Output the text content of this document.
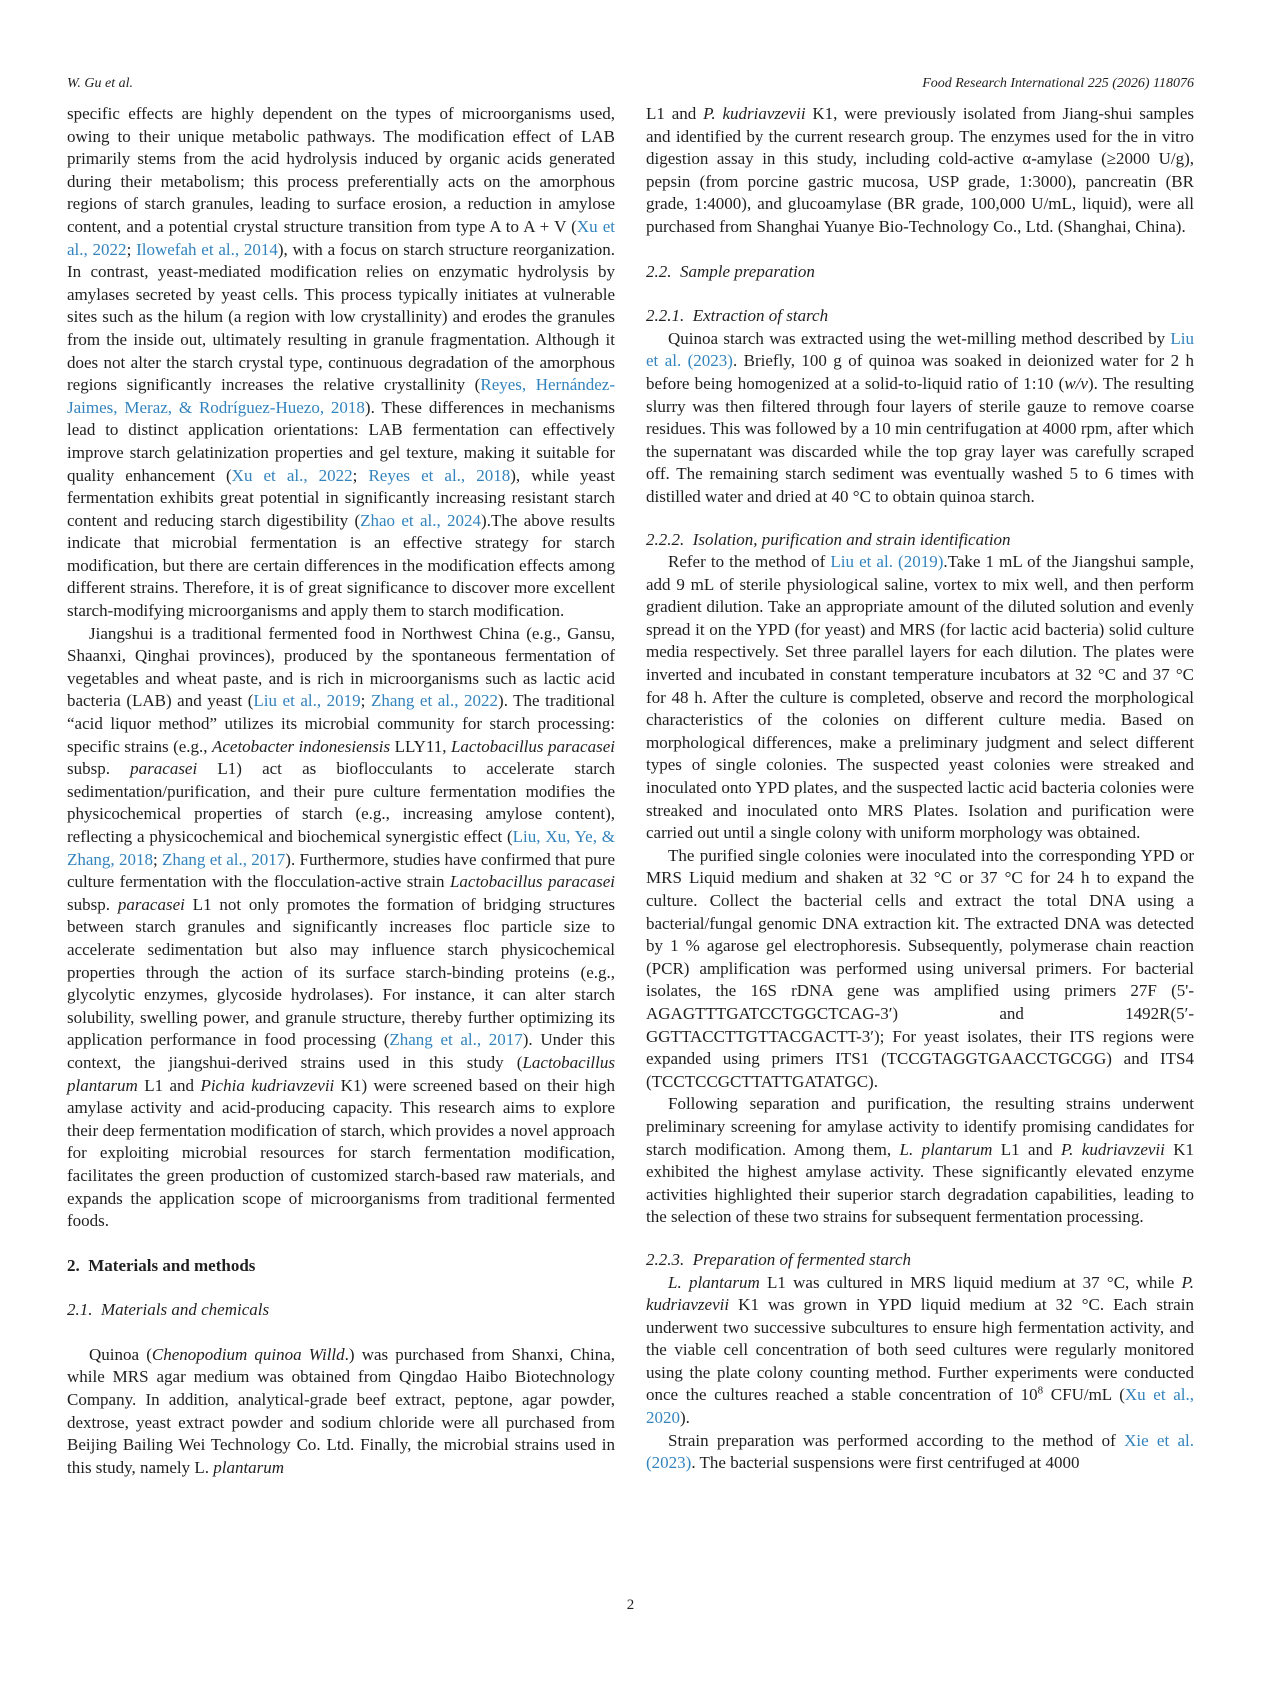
W. Gu et al.	Food Research International 225 (2026) 118076
specific effects are highly dependent on the types of microorganisms used, owing to their unique metabolic pathways. The modification effect of LAB primarily stems from the acid hydrolysis induced by organic acids generated during their metabolism; this process preferentially acts on the amorphous regions of starch granules, leading to surface erosion, a reduction in amylose content, and a potential crystal structure transition from type A to A + V (Xu et al., 2022; Ilowefah et al., 2014), with a focus on starch structure reorganization. In contrast, yeast-mediated modification relies on enzymatic hydrolysis by amylases secreted by yeast cells. This process typically initiates at vulnerable sites such as the hilum (a region with low crystallinity) and erodes the granules from the inside out, ultimately resulting in granule fragmentation. Although it does not alter the starch crystal type, continuous degradation of the amorphous regions significantly increases the relative crystallinity (Reyes, Hernández-Jaimes, Meraz, & Rodríguez-Huezo, 2018). These differences in mechanisms lead to distinct application orientations: LAB fermentation can effectively improve starch gelatinization properties and gel texture, making it suitable for quality enhancement (Xu et al., 2022; Reyes et al., 2018), while yeast fermentation exhibits great potential in significantly increasing resistant starch content and reducing starch digestibility (Zhao et al., 2024).The above results indicate that microbial fermentation is an effective strategy for starch modification, but there are certain differences in the modification effects among different strains. Therefore, it is of great significance to discover more excellent starch-modifying microorganisms and apply them to starch modification.
Jiangshui is a traditional fermented food in Northwest China (e.g., Gansu, Shaanxi, Qinghai provinces), produced by the spontaneous fermentation of vegetables and wheat paste, and is rich in microorganisms such as lactic acid bacteria (LAB) and yeast (Liu et al., 2019; Zhang et al., 2022). The traditional “acid liquor method” utilizes its microbial community for starch processing: specific strains (e.g., Acetobacter indonesiensis LLY11, Lactobacillus paracasei subsp. paracasei L1) act as bioflocculants to accelerate starch sedimentation/purification, and their pure culture fermentation modifies the physicochemical properties of starch (e.g., increasing amylose content), reflecting a physicochemical and biochemical synergistic effect (Liu, Xu, Ye, & Zhang, 2018; Zhang et al., 2017). Furthermore, studies have confirmed that pure culture fermentation with the flocculation-active strain Lactobacillus paracasei subsp. paracasei L1 not only promotes the formation of bridging structures between starch granules and significantly increases floc particle size to accelerate sedimentation but also may influence starch physicochemical properties through the action of its surface starch-binding proteins (e.g., glycolytic enzymes, glycoside hydrolases). For instance, it can alter starch solubility, swelling power, and granule structure, thereby further optimizing its application performance in food processing (Zhang et al., 2017). Under this context, the jiangshui-derived strains used in this study (Lactobacillus plantarum L1 and Pichia kudriavzevii K1) were screened based on their high amylase activity and acid-producing capacity. This research aims to explore their deep fermentation modification of starch, which provides a novel approach for exploiting microbial resources for starch fermentation modification, facilitates the green production of customized starch-based raw materials, and expands the application scope of microorganisms from traditional fermented foods.
2. Materials and methods
2.1. Materials and chemicals
Quinoa (Chenopodium quinoa Willd.) was purchased from Shanxi, China, while MRS agar medium was obtained from Qingdao Haibo Biotechnology Company. In addition, analytical-grade beef extract, peptone, agar powder, dextrose, yeast extract powder and sodium chloride were all purchased from Beijing Bailing Wei Technology Co. Ltd. Finally, the microbial strains used in this study, namely L. plantarum
L1 and P. kudriavzevii K1, were previously isolated from Jiang-shui samples and identified by the current research group. The enzymes used for the in vitro digestion assay in this study, including cold-active α-amylase (≥2000 U/g), pepsin (from porcine gastric mucosa, USP grade, 1:3000), pancreatin (BR grade, 1:4000), and glucoamylase (BR grade, 100,000 U/mL, liquid), were all purchased from Shanghai Yuanye Bio-Technology Co., Ltd. (Shanghai, China).
2.2. Sample preparation
2.2.1. Extraction of starch
Quinoa starch was extracted using the wet-milling method described by Liu et al. (2023). Briefly, 100 g of quinoa was soaked in deionized water for 2 h before being homogenized at a solid-to-liquid ratio of 1:10 (w/v). The resulting slurry was then filtered through four layers of sterile gauze to remove coarse residues. This was followed by a 10 min centrifugation at 4000 rpm, after which the supernatant was discarded while the top gray layer was carefully scraped off. The remaining starch sediment was eventually washed 5 to 6 times with distilled water and dried at 40 °C to obtain quinoa starch.
2.2.2. Isolation, purification and strain identification
Refer to the method of Liu et al. (2019).Take 1 mL of the Jiangshui sample, add 9 mL of sterile physiological saline, vortex to mix well, and then perform gradient dilution. Take an appropriate amount of the diluted solution and evenly spread it on the YPD (for yeast) and MRS (for lactic acid bacteria) solid culture media respectively. Set three parallel layers for each dilution. The plates were inverted and incubated in constant temperature incubators at 32 °C and 37 °C for 48 h. After the culture is completed, observe and record the morphological characteristics of the colonies on different culture media. Based on morphological differences, make a preliminary judgment and select different types of single colonies. The suspected yeast colonies were streaked and inoculated onto YPD plates, and the suspected lactic acid bacteria colonies were streaked and inoculated onto MRS Plates. Isolation and purification were carried out until a single colony with uniform morphology was obtained.
The purified single colonies were inoculated into the corresponding YPD or MRS Liquid medium and shaken at 32 °C or 37 °C for 24 h to expand the culture. Collect the bacterial cells and extract the total DNA using a bacterial/fungal genomic DNA extraction kit. The extracted DNA was detected by 1 % agarose gel electrophoresis. Subsequently, polymerase chain reaction (PCR) amplification was performed using universal primers. For bacterial isolates, the 16S rDNA gene was amplified using primers 27F (5'-AGAGTTTGATCCTGGCTCAG-3′) and 1492R(5′-GGTTACCTTGTTACGACTT-3′); For yeast isolates, their ITS regions were expanded using primers ITS1 (TCCGTAGGTGAACCTGCGG) and ITS4 (TCCTCCGCTTATTGATATGC).
Following separation and purification, the resulting strains underwent preliminary screening for amylase activity to identify promising candidates for starch modification. Among them, L. plantarum L1 and P. kudriavzevii K1 exhibited the highest amylase activity. These significantly elevated enzyme activities highlighted their superior starch degradation capabilities, leading to the selection of these two strains for subsequent fermentation processing.
2.2.3. Preparation of fermented starch
L. plantarum L1 was cultured in MRS liquid medium at 37 °C, while P. kudriavzevii K1 was grown in YPD liquid medium at 32 °C. Each strain underwent two successive subcultures to ensure high fermentation activity, and the viable cell concentration of both seed cultures were regularly monitored using the plate colony counting method. Further experiments were conducted once the cultures reached a stable concentration of $10^8$ CFU/mL (Xu et al., 2020).
Strain preparation was performed according to the method of Xie et al. (2023). The bacterial suspensions were first centrifuged at 4000
2
